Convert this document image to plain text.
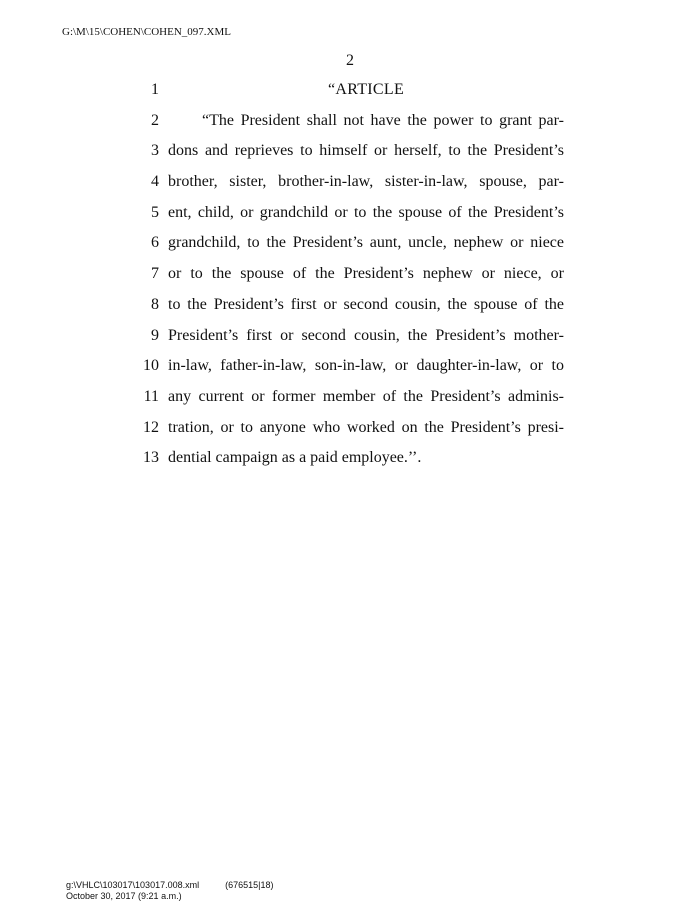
G:\M\15\COHEN\COHEN_097.XML
2
1	“ARTICLE
2	“The President shall not have the power to grant par-
3 dons and reprieves to himself or herself, to the President’s
4 brother, sister, brother-in-law, sister-in-law, spouse, par-
5 ent, child, or grandchild or to the spouse of the President’s
6 grandchild, to the President’s aunt, uncle, nephew or niece
7 or to the spouse of the President’s nephew or niece, or
8 to the President’s first or second cousin, the spouse of the
9 President’s first or second cousin, the President’s mother-
10 in-law, father-in-law, son-in-law, or daughter-in-law, or to
11 any current or former member of the President’s adminis-
12 tration, or to anyone who worked on the President’s presi-
13 dential campaign as a paid employee.’’.
g:\VHLC\103017\103017.008.xml	(676515|18)
October 30, 2017 (9:21 a.m.)
